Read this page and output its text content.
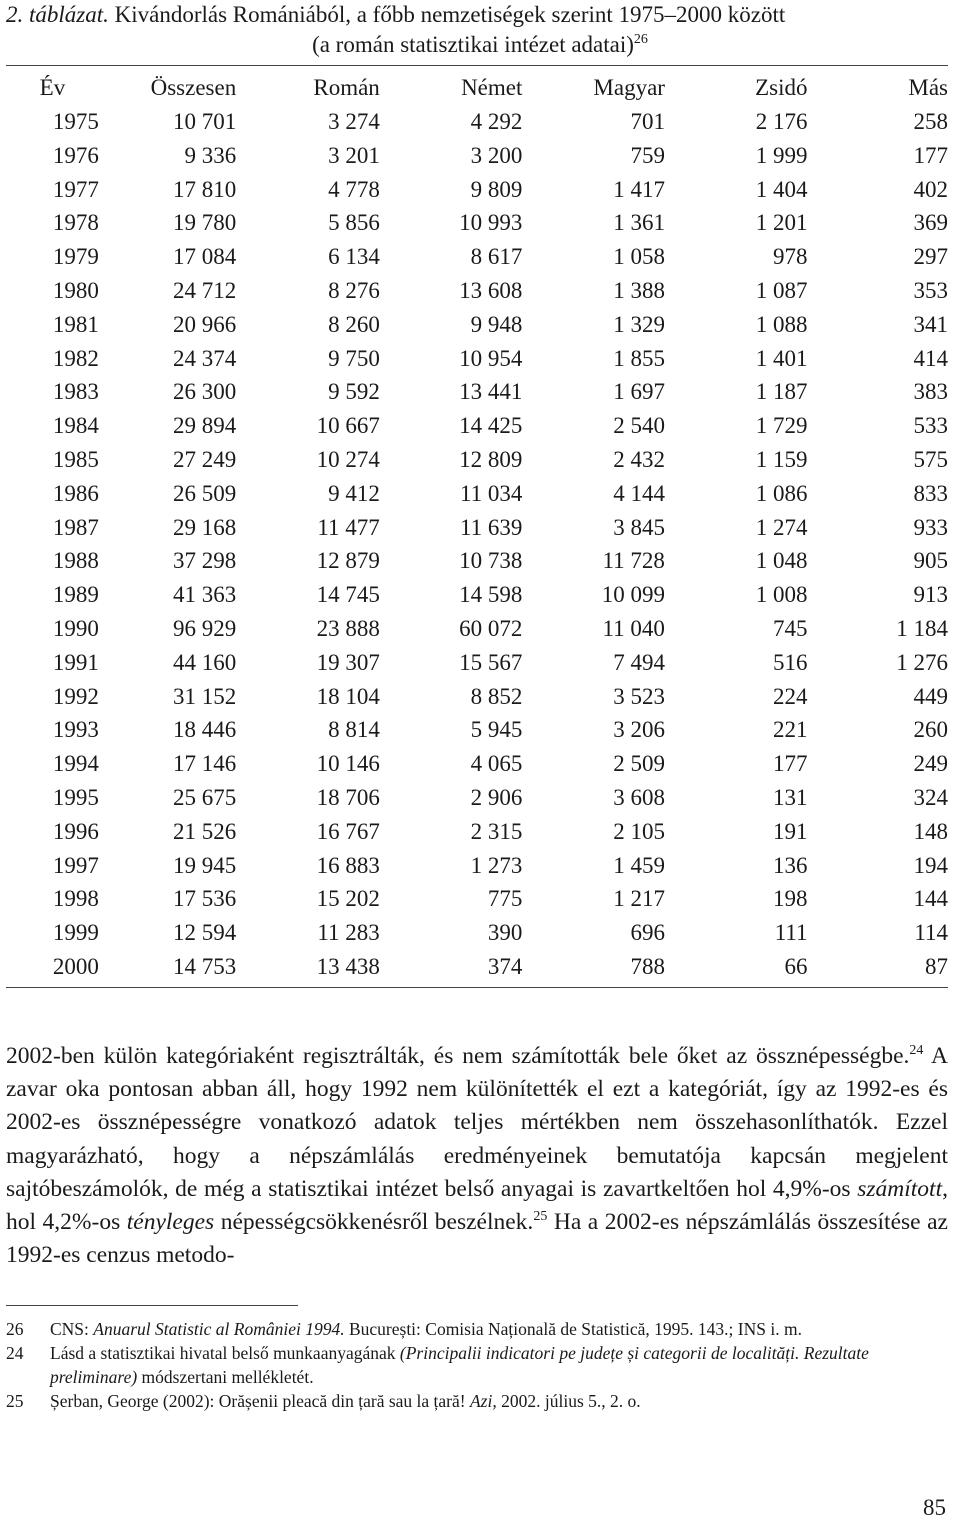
2. táblázat. Kivándorlás Romániából, a főbb nemzetiségek szerint 1975–2000 között
(a román statisztikai intézet adatai)$^{26}$
Év	Összesen	Román	Német	Magyar	Zsidó	Más
1975	10 701	3 274	4 292	701	2 176	258
1976	9 336	3 201	3 200	759	1 999	177
1977	17 810	4 778	9 809	1 417	1 404	402
1978	19 780	5 856	10 993	1 361	1 201	369
1979	17 084	6 134	8 617	1 058	978	297
1980	24 712	8 276	13 608	1 388	1 087	353
1981	20 966	8 260	9 948	1 329	1 088	341
1982	24 374	9 750	10 954	1 855	1 401	414
1983	26 300	9 592	13 441	1 697	1 187	383
1984	29 894	10 667	14 425	2 540	1 729	533
1985	27 249	10 274	12 809	2 432	1 159	575
1986	26 509	9 412	11 034	4 144	1 086	833
1987	29 168	11 477	11 639	3 845	1 274	933
1988	37 298	12 879	10 738	11 728	1 048	905
1989	41 363	14 745	14 598	10 099	1 008	913
1990	96 929	23 888	60 072	11 040	745	1 184
1991	44 160	19 307	15 567	7 494	516	1 276
1992	31 152	18 104	8 852	3 523	224	449
1993	18 446	8 814	5 945	3 206	221	260
1994	17 146	10 146	4 065	2 509	177	249
1995	25 675	18 706	2 906	3 608	131	324
1996	21 526	16 767	2 315	2 105	191	148
1997	19 945	16 883	1 273	1 459	136	194
1998	17 536	15 202	775	1 217	198	144
1999	12 594	11 283	390	696	111	114
2000	14 753	13 438	374	788	66	87

2002-ben külön kategóriaként regisztrálták, és nem számították bele őket az össznépességbe.$^{24}$ A zavar oka pontosan abban áll, hogy 1992 nem különítették el ezt a kategóriát, így az 1992-es és 2002-es össznépességre vonatkozó adatok teljes mértékben nem összehasonlíthatók. Ezzel magyarázható, hogy a népszámlálás eredményeinek bemutatója kapcsán megjelent sajtóbeszámolók, de még a statisztikai intézet belső anyagai is zavartkeltően hol 4,9%-os számított, hol 4,2%-os tényleges népességcsökkenésről beszélnek.$^{25}$ Ha a 2002-es népszámlálás összesítése az 1992-es cenzus metodo-

26 CNS: Anuarul Statistic al României 1994. București: Comisia Națională de Statistică, 1995. 143.; INS i. m.
24 Lásd a statisztikai hivatal belső munkaanyagának (Principalii indicatori pe județe și categorii de localități. Rezultate preliminare) módszertani mellékletét.
25 Șerban, George (2002): Orășenii pleacă din țară sau la țară! Azi, 2002. július 5., 2. o.
85
